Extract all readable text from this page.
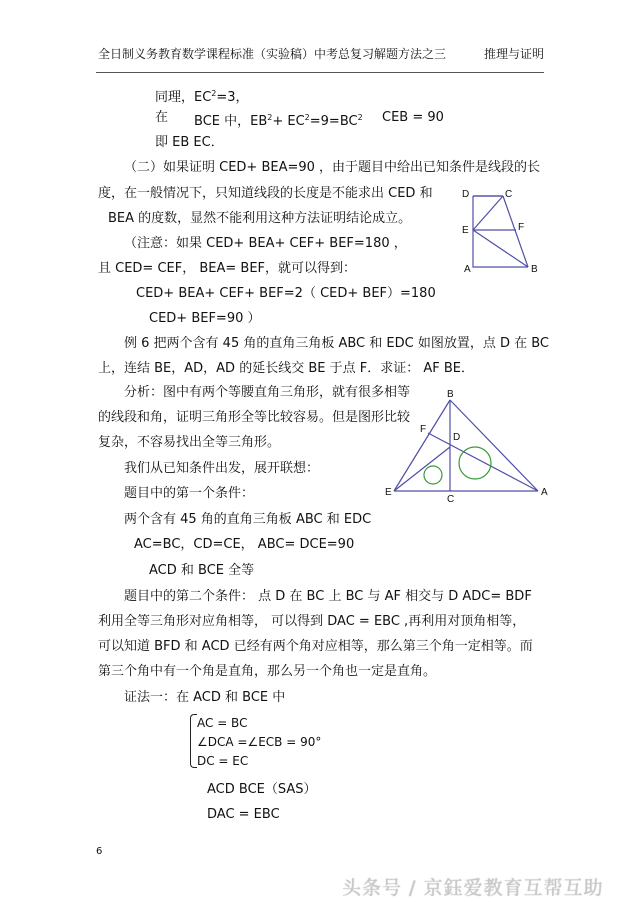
全日制义务教育数学课程标准（实验稿）中考总复习解题方法之三	推理与证明
同理，$EC^2=3$，
在 BCE 中，$EB^2+ EC^2=9=BC^2$ CEB = 90
即 EB EC．
（二）如果证明 CED+ BEA=90 ，由于题目中给出已知条件是线段的长
度，在一般情况下，只知道线段的长度是不能求出 CED 和
BEA 的度数，显然不能利用这种方法证明结论成立。
（注意：如果 CED+ BEA+ CEF+ BEF=180 ，
且 CED= CEF， BEA= BEF，就可以得到：
CED+ BEA+ CEF+ BEF=2（ CED+ BEF）=180
CED+ BEF=90 ）
例 6 把两个含有 45 角的直角三角板 ABC 和 EDC 如图放置，点 D 在 BC
上，连结 BE，AD，AD 的延长线交 BE 于点 F．求证： AF BE．
分析：图中有两个等腰直角三角形，就有很多相等
的线段和角，证明三角形全等比较容易。但是图形比较
复杂，不容易找出全等三角形。
我们从已知条件出发，展开联想：
题目中的第一个条件：
两个含有 45 角的直角三角板 ABC 和 EDC
AC=BC，CD=CE， ABC= DCE=90
ACD 和 BCE 全等
题目中的第二个条件： 点 D 在 BC 上 BC 与 AF 相交与 D ADC= BDF
利用全等三角形对应角相等， 可以得到 DAC = EBC ,再利用对顶角相等，
可以知道 BFD 和 ACD 已经有两个角对应相等，那么第三个角一定相等。而
第三个角中有一个角是直角，那么另一个角也一定是直角。
证法一：在 ACD 和 BCE 中
AC = BC
∠DCA =∠ECB = 90°
DC = EC
ACD BCE（SAS）
DAC = EBC
D	C
E	F
A	B
B
F
D
E
C
A
6
头条号 / 京鈺爱教育互帮互助
